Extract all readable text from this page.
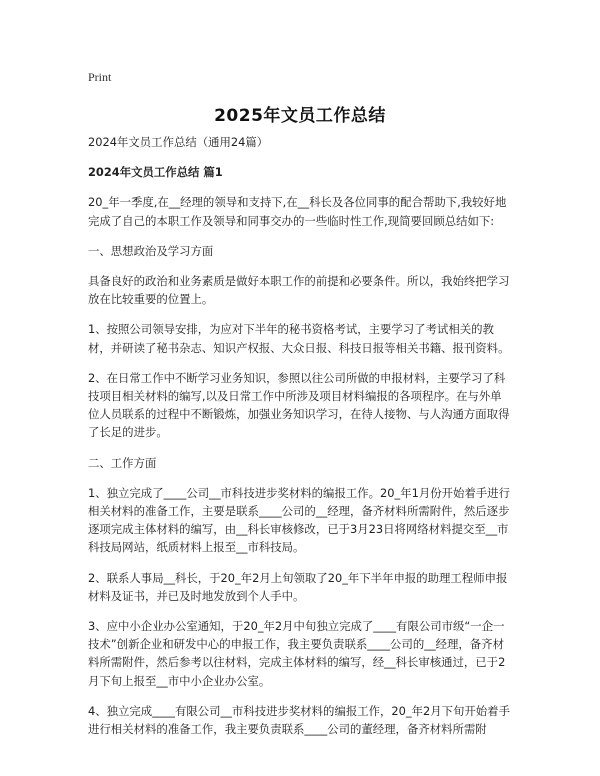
Print
2025年文员工作总结

2024年文员工作总结（通用24篇）

2024年文员工作总结 篇1

20_年一季度,在__经理的领导和支持下,在__科长及各位同事的配合帮助下,我较好地完成了自己的本职工作及领导和同事交办的一些临时性工作,现简要回顾总结如下:

一、思想政治及学习方面

具备良好的政治和业务素质是做好本职工作的前提和必要条件。所以，我始终把学习放在比较重要的位置上。

1、按照公司领导安排，为应对下半年的秘书资格考试，主要学习了考试相关的教材，并研读了秘书杂志、知识产权报、大众日报、科技日报等相关书籍、报刊资料。

2、在日常工作中不断学习业务知识，参照以往公司所做的申报材料，主要学习了科技项目相关材料的编写,以及日常工作中所涉及项目材料编报的各项程序。在与外单位人员联系的过程中不断锻炼，加强业务知识学习，在待人接物、与人沟通方面取得了长足的进步。

二、工作方面

1、独立完成了____公司__市科技进步奖材料的编报工作。20_年1月份开始着手进行相关材料的准备工作，主要是联系____公司的__经理，备齐材料所需附件，然后逐步逐项完成主体材料的编写，由__科长审核修改，已于3月23日将网络材料提交至__市科技局网站，纸质材料上报至__市科技局。

2、联系人事局__科长，于20_年2月上旬领取了20_年下半年申报的助理工程师申报材料及证书，并已及时地发放到个人手中。

3、应中小企业办公室通知，于20_年2月中旬独立完成了____有限公司市级“一企一技术”创新企业和研发中心的申报工作，我主要负责联系____公司的__经理，备齐材料所需附件，然后参考以往材料，完成主体材料的编写，经__科长审核通过，已于2月下旬上报至__市中小企业办公室。

4、独立完成____有限公司__市科技进步奖材料的编报工作，20_年2月下旬开始着手进行相关材料的准备工作，我主要负责联系____公司的董经理，备齐材料所需附
